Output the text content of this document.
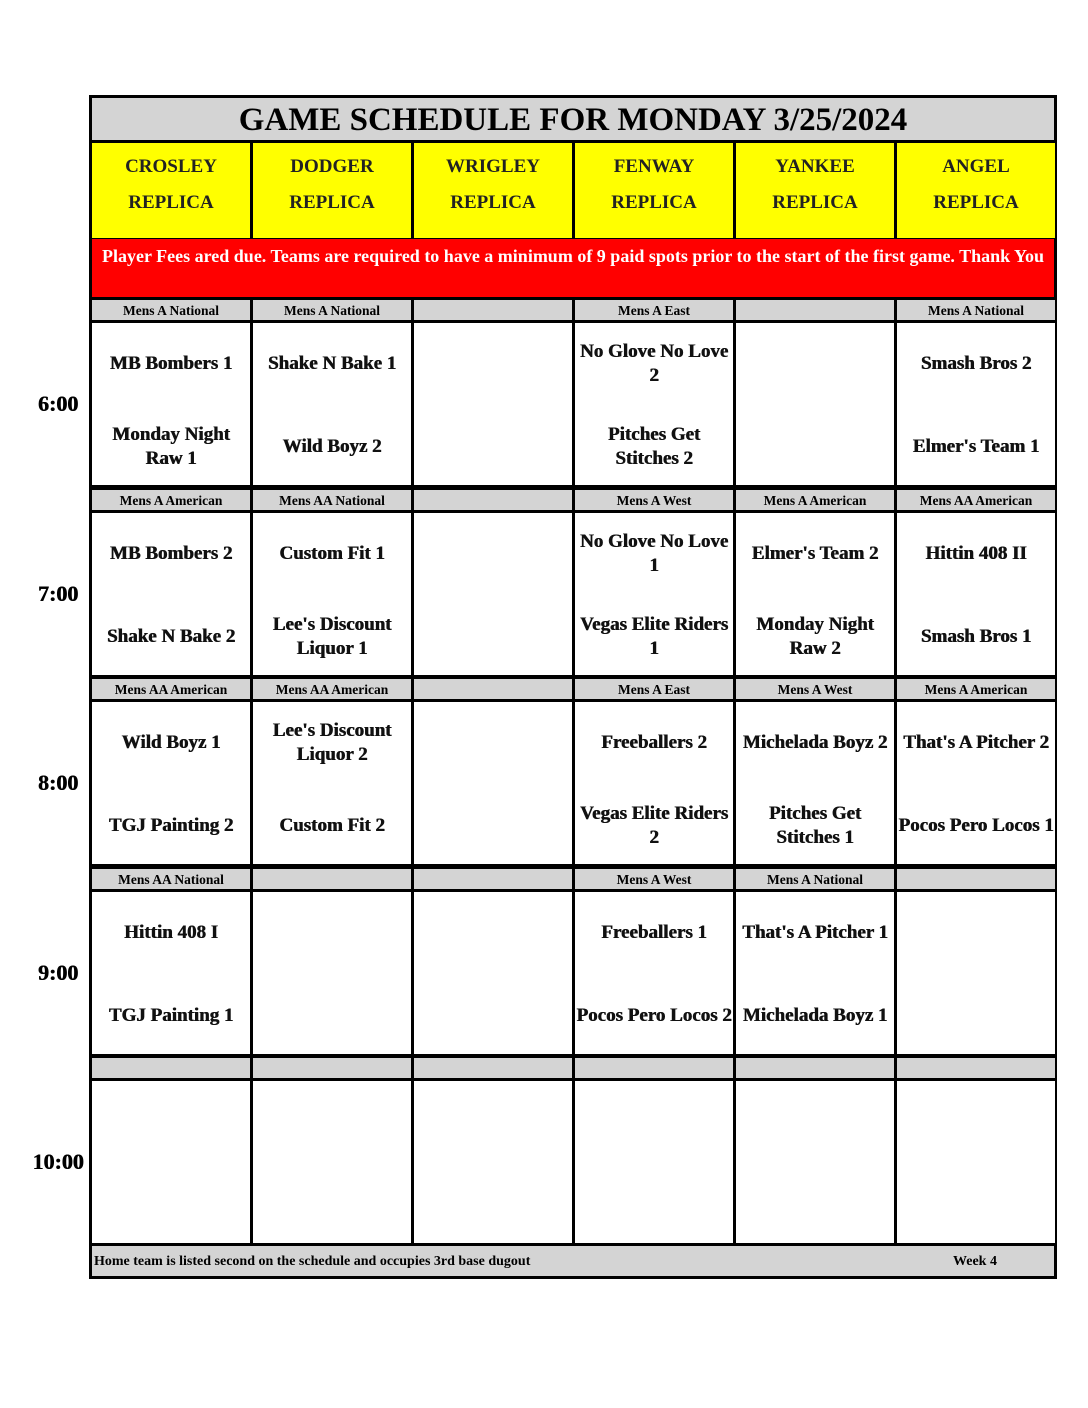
6:00
7:00
8:00
9:00
10:00
GAME SCHEDULE FOR MONDAY 3/25/2024
CROSLEY
REPLICA
DODGER
REPLICA
WRIGLEY
REPLICA
FENWAY
REPLICA
YANKEE
REPLICA
ANGEL
REPLICA
Player Fees ared due. Teams are required to have a minimum of 9 paid spots prior to the start of the first game. Thank You
Mens A National
MB Bombers 1
Monday Night Raw 1
Mens A National
Shake N Bake 1
Wild Boyz 2
Mens A East
No Glove No Love 2
Pitches Get Stitches 2
Mens A National
Smash Bros 2
Elmer's Team 1
Mens A American
MB Bombers 2
Shake N Bake 2
Mens AA National
Custom Fit 1
Lee's Discount Liquor 1
Mens A West
No Glove No Love 1
Vegas Elite Riders 1
Mens A American
Elmer's Team 2
Monday Night Raw 2
Mens AA American
Hittin 408 II
Smash Bros 1
Mens AA American
Wild Boyz 1
TGJ Painting 2
Mens AA American
Lee's Discount Liquor 2
Custom Fit 2
Mens A East
Freeballers 2
Vegas Elite Riders 2
Mens A West
Michelada Boyz 2
Pitches Get Stitches 1
Mens A American
That's A Pitcher 2
Pocos Pero Locos 1
Mens AA National
Hittin 408 I
TGJ Painting 1
Mens A West
Freeballers 1
Pocos Pero Locos 2
Mens A National
That's A Pitcher 1
Michelada Boyz 1
Home team is listed second on the schedule and occupies 3rd base dugout	Week 4
